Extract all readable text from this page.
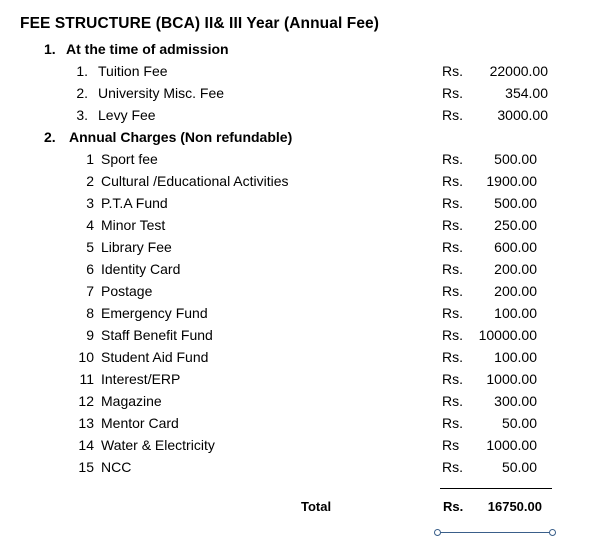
FEE STRUCTURE (BCA) II& III Year (Annual Fee)
1. At the time of admission
1. Tuition Fee	Rs. 22000.00
2. University Misc. Fee	Rs.	354.00
3. Levy Fee	Rs. 3000.00
2. Annual Charges (Non refundable)
1 Sport fee	Rs. 500.00
2 Cultural /Educational Activities	Rs. 1900.00
3 P.T.A Fund	Rs. 500.00
4 Minor Test	Rs. 250.00
5 Library Fee	Rs. 600.00
6 Identity Card	Rs. 200.00
7 Postage	Rs. 200.00
8 Emergency Fund	Rs. 100.00
9 Staff Benefit Fund	Rs. 10000.00
10 Student Aid Fund	Rs. 100.00
11 Interest/ERP	Rs. 1000.00
12 Magazine	Rs. 300.00
13 Mentor Card	Rs.	50.00
14 Water & Electricity	Rs 1000.00
15 NCC	Rs.	50.00
Total	Rs. 16750.00
